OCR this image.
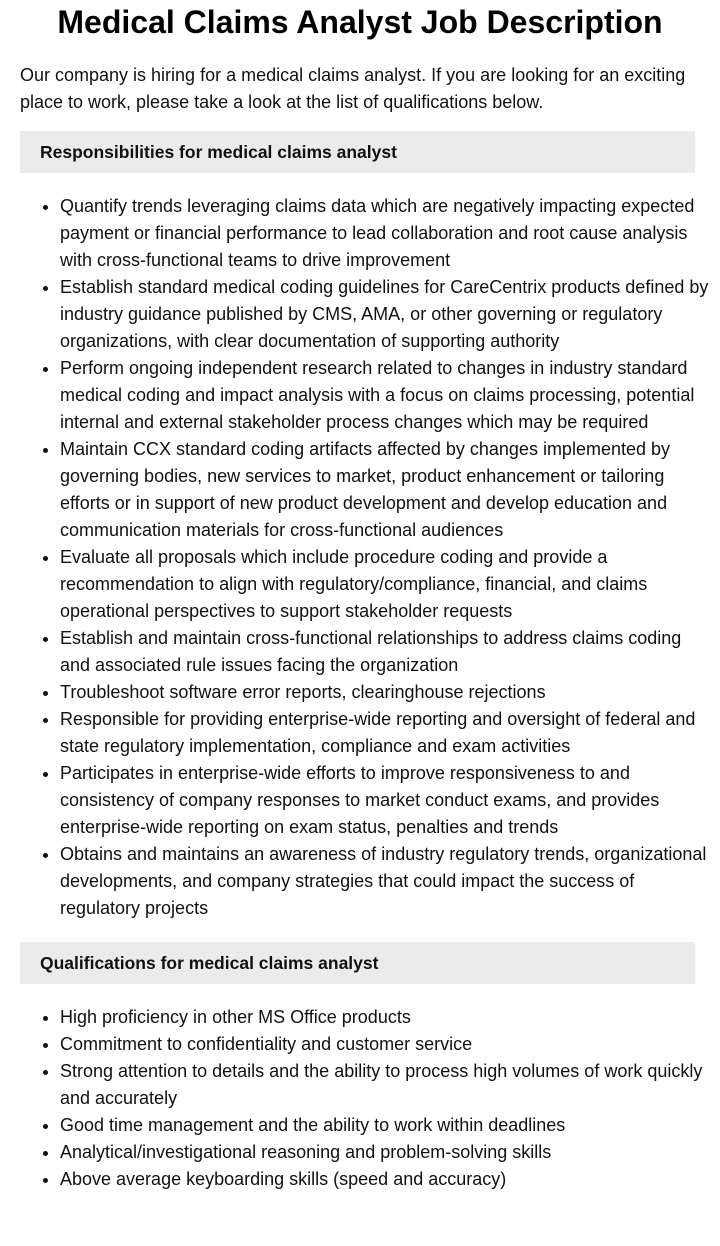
Medical Claims Analyst Job Description

Our company is hiring for a medical claims analyst. If you are looking for an exciting place to work, please take a look at the list of qualifications below.

Responsibilities for medical claims analyst
• Quantify trends leveraging claims data which are negatively impacting expected payment or financial performance to lead collaboration and root cause analysis with cross-functional teams to drive improvement
• Establish standard medical coding guidelines for CareCentrix products defined by industry guidance published by CMS, AMA, or other governing or regulatory organizations, with clear documentation of supporting authority
• Perform ongoing independent research related to changes in industry standard medical coding and impact analysis with a focus on claims processing, potential internal and external stakeholder process changes which may be required
• Maintain CCX standard coding artifacts affected by changes implemented by governing bodies, new services to market, product enhancement or tailoring efforts or in support of new product development and develop education and communication materials for cross-functional audiences
• Evaluate all proposals which include procedure coding and provide a recommendation to align with regulatory/compliance, financial, and claims operational perspectives to support stakeholder requests
• Establish and maintain cross-functional relationships to address claims coding and associated rule issues facing the organization
• Troubleshoot software error reports, clearinghouse rejections
• Responsible for providing enterprise-wide reporting and oversight of federal and state regulatory implementation, compliance and exam activities
• Participates in enterprise-wide efforts to improve responsiveness to and consistency of company responses to market conduct exams, and provides enterprise-wide reporting on exam status, penalties and trends
• Obtains and maintains an awareness of industry regulatory trends, organizational developments, and company strategies that could impact the success of regulatory projects
Qualifications for medical claims analyst
• High proficiency in other MS Office products
• Commitment to confidentiality and customer service
• Strong attention to details and the ability to process high volumes of work quickly and accurately
• Good time management and the ability to work within deadlines
• Analytical/investigational reasoning and problem-solving skills
• Above average keyboarding skills (speed and accuracy)
